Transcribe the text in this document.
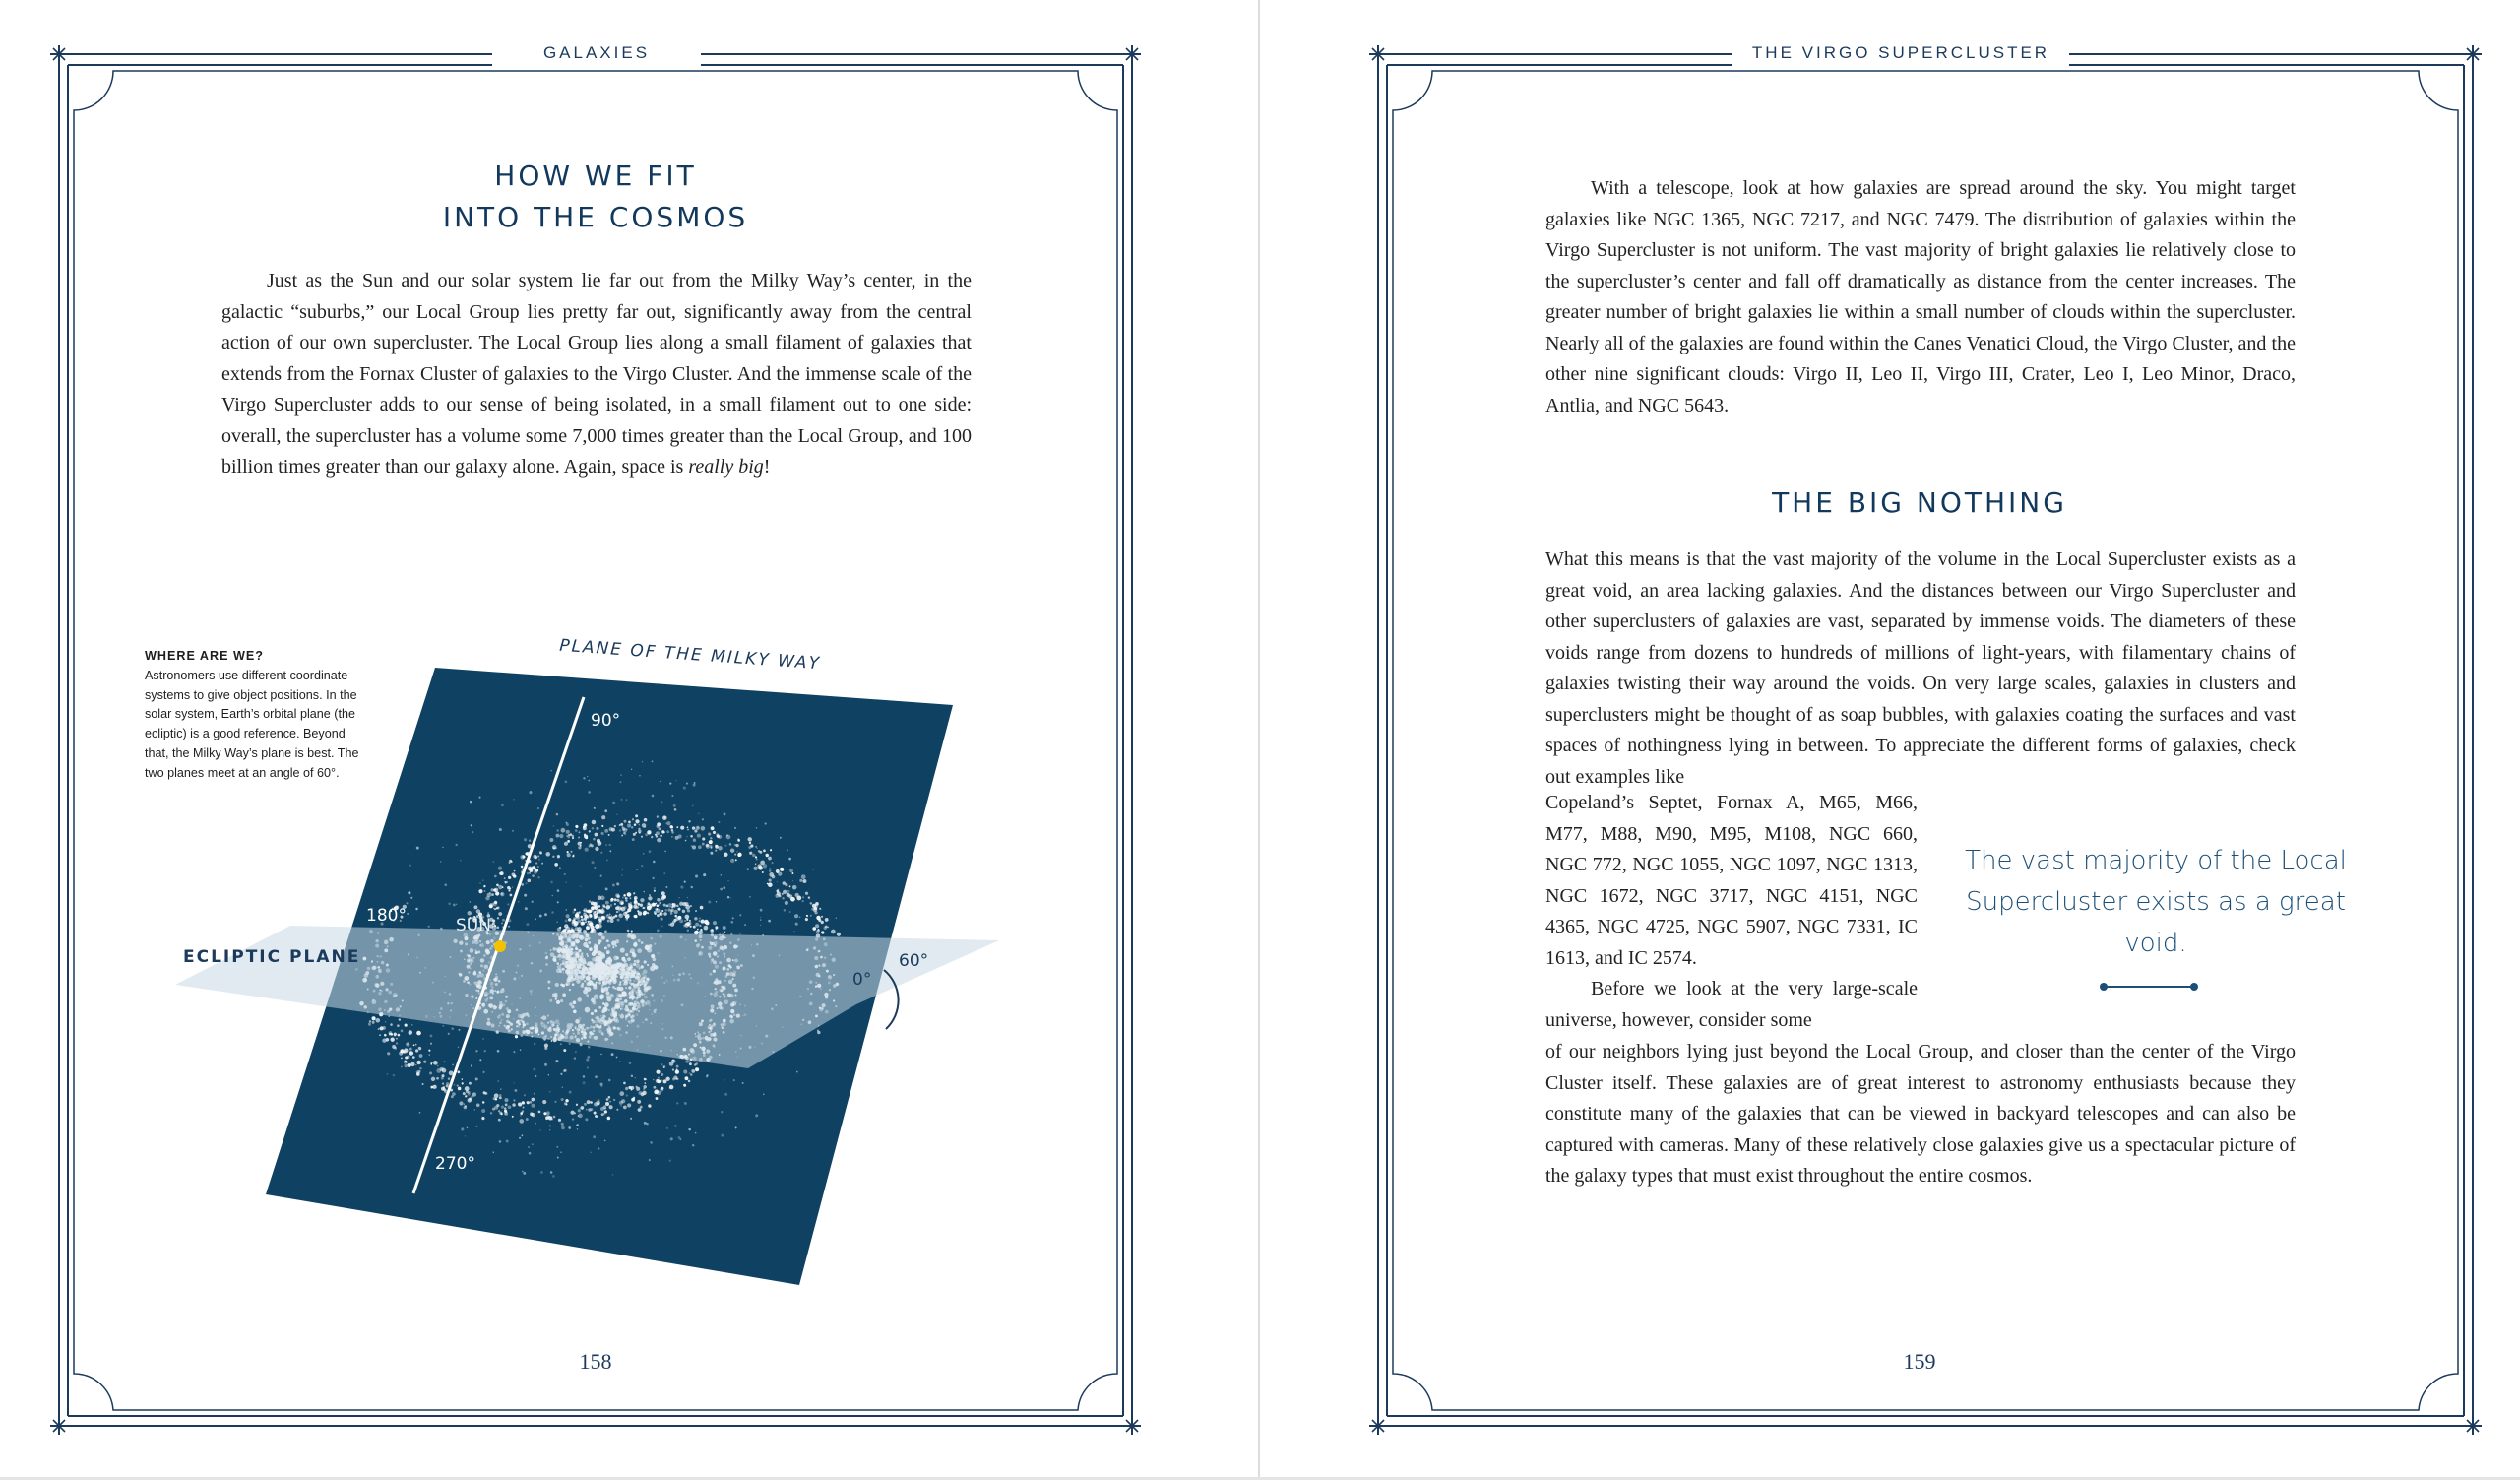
GALAXIES
HOW WE FIT
INTO THE COSMOS

Just as the Sun and our solar system lie far out from the Milky Way’s center, in the galactic “suburbs,” our Local Group lies pretty far out, significantly away from the central action of our own supercluster. The Local Group lies along a small filament of galaxies that extends from the Fornax Cluster of galaxies to the Virgo Cluster. And the immense scale of the Virgo Supercluster adds to our sense of being isolated, in a small filament out to one side: overall, the supercluster has a volume some 7,000 times greater than the Local Group, and 100 billion times greater than our galaxy alone. Again, space is really big!

WHERE ARE WE?
Astronomers use different coordinate systems to give object positions. In the solar system, Earth’s orbital plane (the ecliptic) is a good reference. Beyond that, the Milky Way’s plane is best. The two planes meet at an angle of 60°.
PLANE OF THE MILKY WAY
ECLIPTIC PLANE
90°
180°	SUN
0°
60°
270°
158
THE VIRGO SUPERCLUSTER

With a telescope, look at how galaxies are spread around the sky. You might target galaxies like NGC 1365, NGC 7217, and NGC 7479. The distribution of galaxies within the Virgo Supercluster is not uniform. The vast majority of bright galaxies lie relatively close to the supercluster’s center and fall off dramatically as distance from the center increases. The greater number of bright galaxies lie within a small number of clouds within the supercluster. Nearly all of the galaxies are found within the Canes Venatici Cloud, the Virgo Cluster, and the other nine significant clouds: Virgo II, Leo II, Virgo III, Crater, Leo I, Leo Minor, Draco, Antlia, and NGC 5643.

THE BIG NOTHING

What this means is that the vast majority of the volume in the Local Supercluster exists as a great void, an area lacking galaxies. And the distances between our Virgo Supercluster and other superclusters of galaxies are vast, separated by immense voids. The diameters of these voids range from dozens to hundreds of millions of light-years, with filamentary chains of galaxies twisting their way around the voids. On very large scales, galaxies in clusters and superclusters might be thought of as soap bubbles, with galaxies coating the surfaces and vast spaces of nothingness lying in between. To appreciate the different forms of galaxies, check out examples like

Copeland’s Septet, Fornax A, M65, M66, M77, M88, M90, M95, M108, NGC 660, NGC 772, NGC 1055, NGC 1097, NGC 1313, NGC 1672, NGC 3717, NGC 4151, NGC 4365, NGC 4725, NGC 5907, NGC 7331, IC 1613, and IC 2574.

Before we look at the very large-scale universe, however, consider some

of our neighbors lying just beyond the Local Group, and closer than the center of the Virgo Cluster itself. These galaxies are of great interest to astronomy enthusiasts because they constitute many of the galaxies that can be viewed in backyard telescopes and can also be captured with cameras. Many of these relatively close galaxies give us a spectacular picture of the galaxy types that must exist throughout the entire cosmos.

The vast majority of the Local Supercluster exists as a great void.
159
